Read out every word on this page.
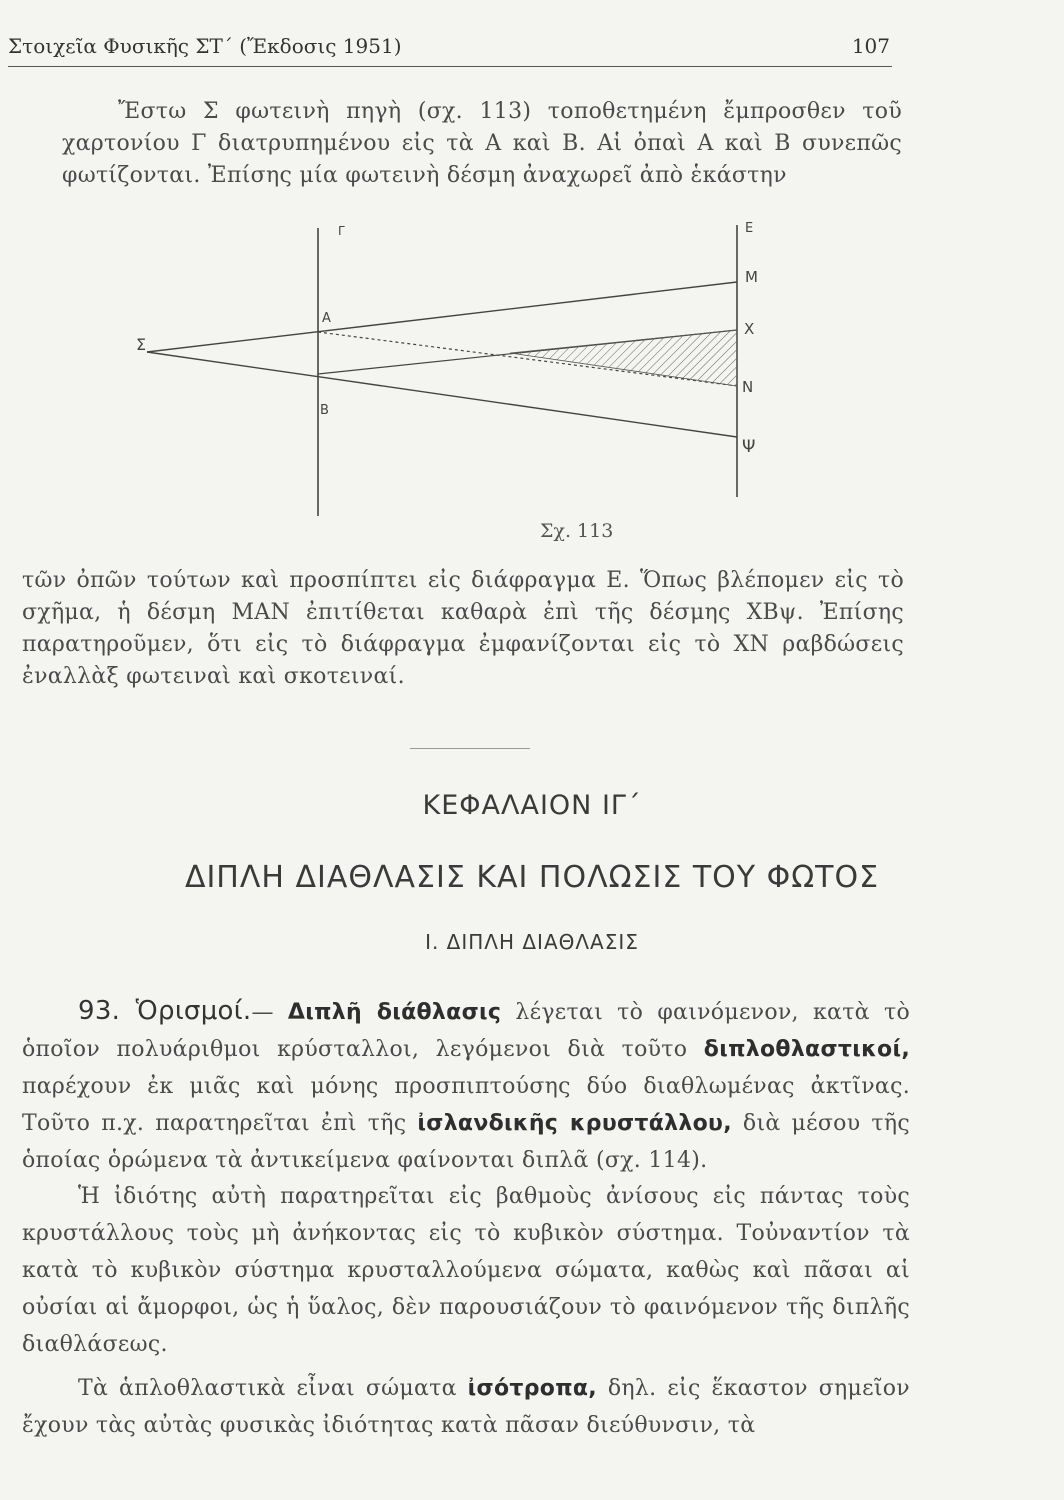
Στοιχεῖα Φυσικῆς ΣΤ΄ (Ἔκδοσις 1951)	107

Ἔστω Σ φωτεινὴ πηγὴ (σχ. 113) τοποθετημένη ἔμπροσθεν τοῦ χαρτονίου Γ διατρυπημένου εἰς τὰ Α καὶ Β. Αἱ ὀπαὶ Α καὶ Β συνεπῶς φωτίζονται. Ἐπίσης μία φωτεινὴ δέσμη ἀναχωρεῖ ἀπὸ ἑκάστην

Σ
Γ	Ε
Α
Β
Μ
Χ
Ν
Ψ
Σχ. 113

τῶν ὀπῶν τούτων καὶ προσπίπτει εἰς διάφραγμα Ε. Ὅπως βλέπομεν εἰς τὸ σχῆμα, ἡ δέσμη ΜΑΝ ἐπιτίθεται καθαρὰ ἐπὶ τῆς δέσμης ΧΒψ. Ἐπίσης παρατηροῦμεν, ὅτι εἰς τὸ διάφραγμα ἐμφανίζονται εἰς τὸ ΧΝ ραβδώσεις ἐναλλὰξ φωτειναὶ καὶ σκοτειναί.

ΚΕΦΑΛΑΙΟΝ ΙΓ΄
ΔΙΠΛΗ ΔΙΑΘΛΑΣΙΣ ΚΑΙ ΠΟΛΩΣΙΣ ΤΟΥ ΦΩΤΟΣ
Ι. ΔΙΠΛΗ ΔΙΑΘΛΑΣΙΣ

93. Ὁρισμοί.— Διπλῆ διάθλασις λέγεται τὸ φαινόμενον, κατὰ τὸ ὁποῖον πολυάριθμοι κρύσταλλοι, λεγόμενοι διὰ τοῦτο διπλοθλαστικοί, παρέχουν ἐκ μιᾶς καὶ μόνης προσπιπτούσης δύο διαθλωμένας ἀκτῖνας. Τοῦτο π.χ. παρατηρεῖται ἐπὶ τῆς ἰσλανδικῆς κρυστάλλου, διὰ μέσου τῆς ὁποίας ὁρώμενα τὰ ἀντικείμενα φαίνονται διπλᾶ (σχ. 114).

Ἡ ἰδιότης αὐτὴ παρατηρεῖται εἰς βαθμοὺς ἀνίσους εἰς πάντας τοὺς κρυστάλλους τοὺς μὴ ἀνήκοντας εἰς τὸ κυβικὸν σύστημα. Τοὐναντίον τὰ κατὰ τὸ κυβικὸν σύστημα κρυσταλλούμενα σώματα, καθὼς καὶ πᾶσαι αἱ οὐσίαι αἱ ἄμορφοι, ὡς ἡ ὕαλος, δὲν παρουσιάζουν τὸ φαινόμενον τῆς διπλῆς διαθλάσεως.

Τὰ ἁπλοθλαστικὰ εἶναι σώματα ἰσότροπα, δηλ. εἰς ἕκαστον σημεῖον ἔχουν τὰς αὐτὰς φυσικὰς ἰδιότητας κατὰ πᾶσαν διεύθυνσιν, τὰ
